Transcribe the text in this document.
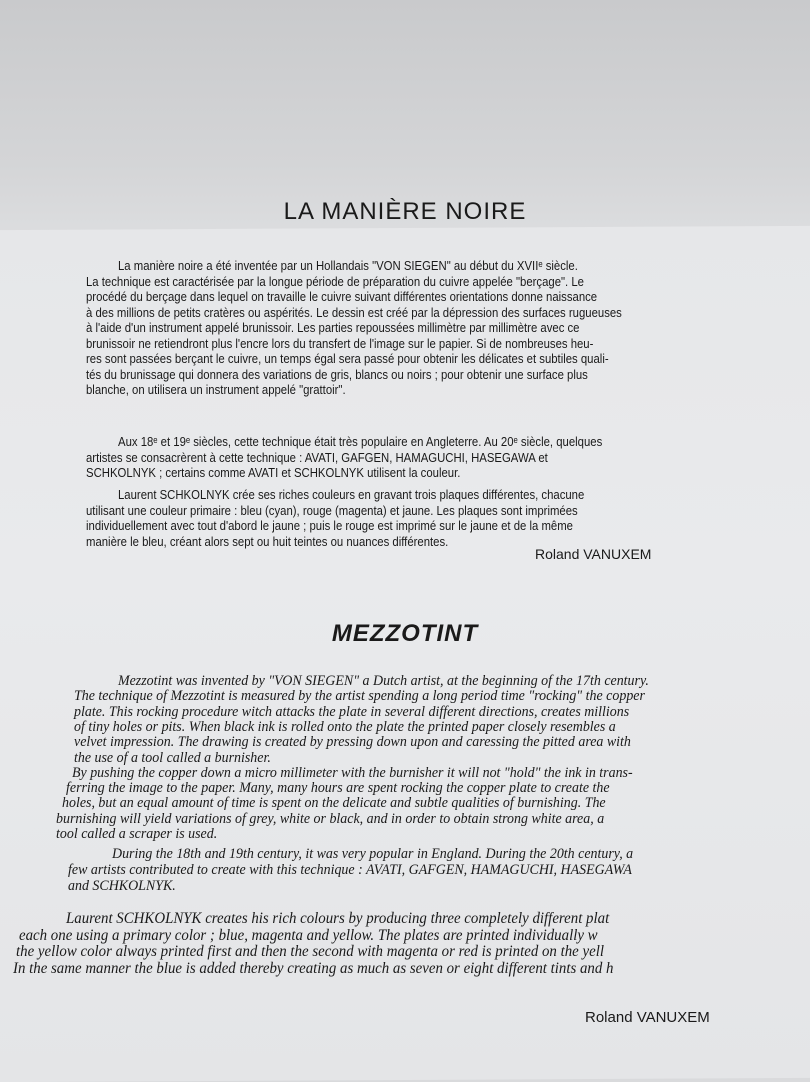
LA MANIÈRE NOIRE
La manière noire a été inventée par un Hollandais "VON SIEGEN" au début du XVIIᵉ siècle.
La technique est caractérisée par la longue période de préparation du cuivre appelée "berçage". Le
procédé du berçage dans lequel on travaille le cuivre suivant différentes orientations donne naissance
à des millions de petits cratères ou aspérités. Le dessin est créé par la dépression des surfaces rugueuses
à l'aide d'un instrument appelé brunissoir. Les parties repoussées millimètre par millimètre avec ce
brunissoir ne retiendront plus l'encre lors du transfert de l'image sur le papier. Si de nombreuses heu-
res sont passées berçant le cuivre, un temps égal sera passé pour obtenir les délicates et subtiles quali-
tés du brunissage qui donnera des variations de gris, blancs ou noirs ; pour obtenir une surface plus
blanche, on utilisera un instrument appelé "grattoir".
Aux 18ᵉ et 19ᵉ siècles, cette technique était très populaire en Angleterre. Au 20ᵉ siècle, quelques
artistes se consacrèrent à cette technique : AVATI, GAFGEN, HAMAGUCHI, HASEGAWA et
SCHKOLNYK ; certains comme AVATI et SCHKOLNYK utilisent la couleur.
Laurent SCHKOLNYK crée ses riches couleurs en gravant trois plaques différentes, chacune
utilisant une couleur primaire : bleu (cyan), rouge (magenta) et jaune. Les plaques sont imprimées
individuellement avec tout d'abord le jaune ; puis le rouge est imprimé sur le jaune et de la même
manière le bleu, créant alors sept ou huit teintes ou nuances différentes.
Roland VANUXEM
MEZZOTINT
Mezzotint was invented by "VON SIEGEN" a Dutch artist, at the beginning of the 17th century.
The technique of Mezzotint is measured by the artist spending a long period time "rocking" the copper
plate. This rocking procedure witch attacks the plate in several different directions, creates millions
of tiny holes or pits. When black ink is rolled onto the plate the printed paper closely resembles a
velvet impression. The drawing is created by pressing down upon and caressing the pitted area with
the use of a tool called a burnisher.
By pushing the copper down a micro millimeter with the burnisher it will not "hold" the ink in trans-
ferring the image to the paper. Many, many hours are spent rocking the copper plate to create the
holes, but an equal amount of time is spent on the delicate and subtle qualities of burnishing. The
burnishing will yield variations of grey, white or black, and in order to obtain strong white area, a
tool called a scraper is used.
During the 18th and 19th century, it was very popular in England. During the 20th century, a
few artists contributed to create with this technique : AVATI, GAFGEN, HAMAGUCHI, HASEGAWA
and SCHKOLNYK.
Laurent SCHKOLNYK creates his rich colours by producing three completely different plat
each one using a primary color ; blue, magenta and yellow. The plates are printed individually w
the yellow color always printed first and then the second with magenta or red is printed on the yell
In the same manner the blue is added thereby creating as much as seven or eight different tints and h
Roland VANUXEM
